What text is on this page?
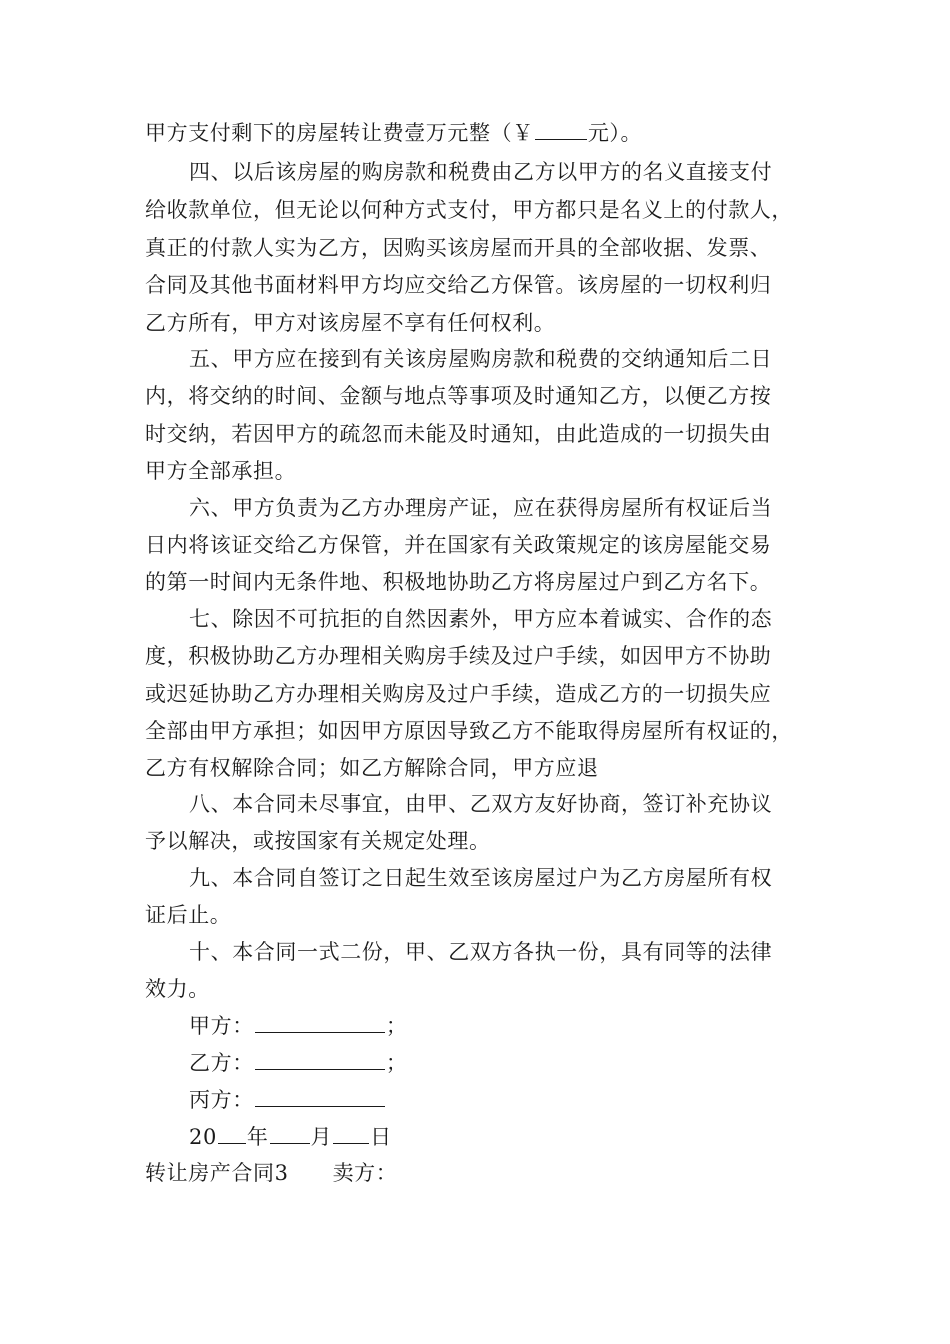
甲方支付剩下的房屋转让费壹万元整（￥	元）。
四、以后该房屋的购房款和税费由乙方以甲方的名义直接支付
给收款单位，但无论以何种方式支付，甲方都只是名义上的付款人，
真正的付款人实为乙方，因购买该房屋而开具的全部收据、发票、
合同及其他书面材料甲方均应交给乙方保管。该房屋的一切权利归
乙方所有，甲方对该房屋不享有任何权利。
五、甲方应在接到有关该房屋购房款和税费的交纳通知后二日
内，将交纳的时间、金额与地点等事项及时通知乙方，以便乙方按
时交纳，若因甲方的疏忽而未能及时通知，由此造成的一切损失由
甲方全部承担。
六、甲方负责为乙方办理房产证，应在获得房屋所有权证后当
日内将该证交给乙方保管，并在国家有关政策规定的该房屋能交易
的第一时间内无条件地、积极地协助乙方将房屋过户到乙方名下。
七、除因不可抗拒的自然因素外，甲方应本着诚实、合作的态
度，积极协助乙方办理相关购房手续及过户手续，如因甲方不协助
或迟延协助乙方办理相关购房及过户手续，造成乙方的一切损失应
全部由甲方承担；如因甲方原因导致乙方不能取得房屋所有权证的，
乙方有权解除合同；如乙方解除合同，甲方应退
八、本合同未尽事宜，由甲、乙双方友好协商，签订补充协议
予以解决，或按国家有关规定处理。
九、本合同自签订之日起生效至该房屋过户为乙方房屋所有权
证后止。
十、本合同一式二份，甲、乙双方各执一份，具有同等的法律
效力。
甲方：	；
乙方：	；
丙方：
20 年 月 日
转让房产合同3 卖方：
